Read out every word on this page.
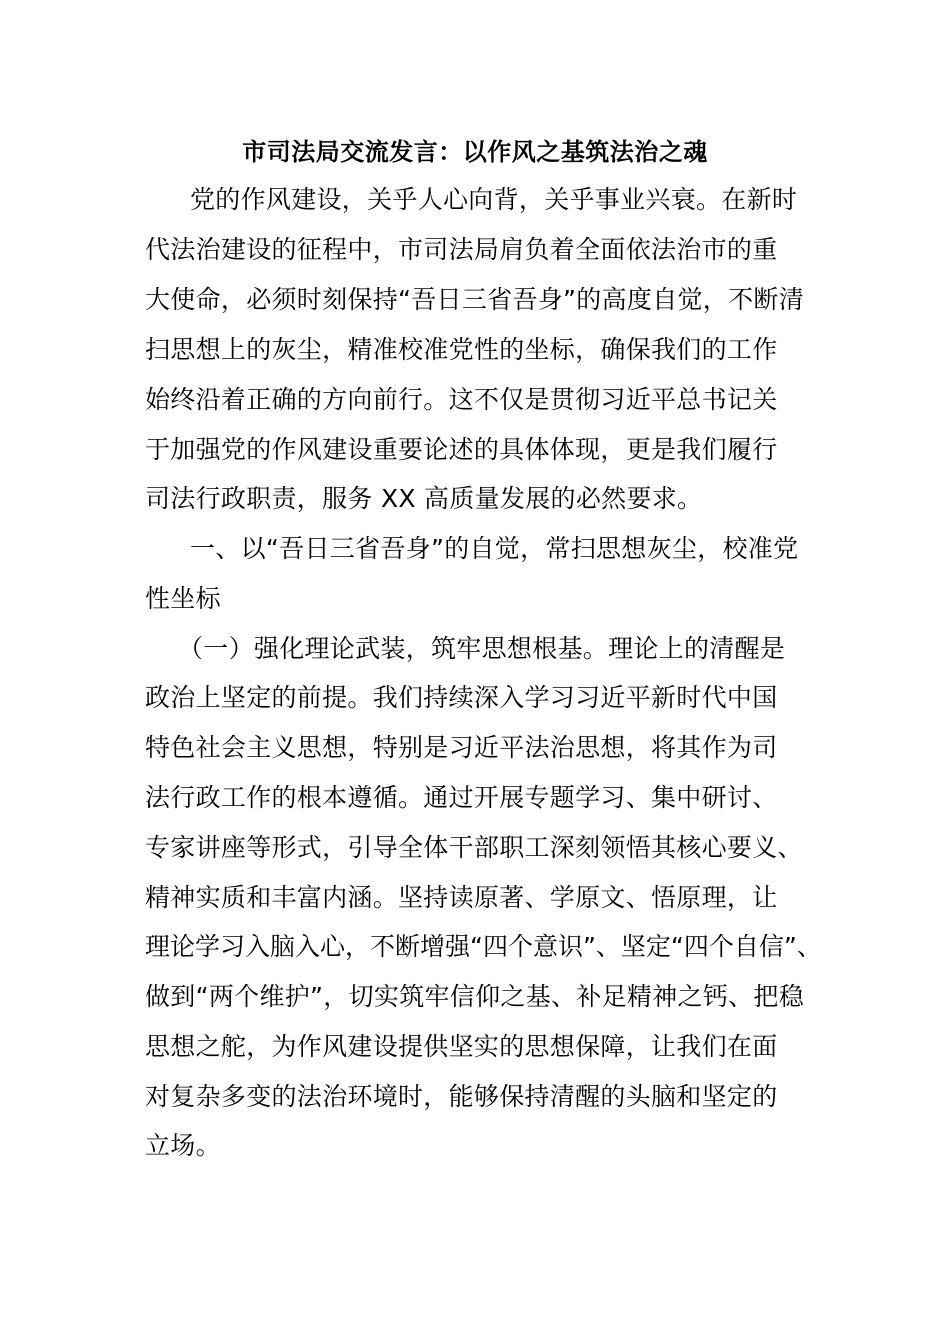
市司法局交流发言：以作风之基筑法治之魂
党的作风建设，关乎人心向背，关乎事业兴衰。在新时
代法治建设的征程中，市司法局肩负着全面依法治市的重
大使命，必须时刻保持“吾日三省吾身”的高度自觉，不断清
扫思想上的灰尘，精准校准党性的坐标，确保我们的工作
始终沿着正确的方向前行。这不仅是贯彻习近平总书记关
于加强党的作风建设重要论述的具体体现，更是我们履行
司法行政职责，服务 XX 高质量发展的必然要求。
一、以“吾日三省吾身”的自觉，常扫思想灰尘，校准党
性坐标
（一）强化理论武装，筑牢思想根基。理论上的清醒是
政治上坚定的前提。我们持续深入学习习近平新时代中国
特色社会主义思想，特别是习近平法治思想，将其作为司
法行政工作的根本遵循。通过开展专题学习、集中研讨、
专家讲座等形式，引导全体干部职工深刻领悟其核心要义、
精神实质和丰富内涵。坚持读原著、学原文、悟原理，让
理论学习入脑入心，不断增强“四个意识”、坚定“四个自信”、
做到“两个维护”，切实筑牢信仰之基、补足精神之钙、把稳
思想之舵，为作风建设提供坚实的思想保障，让我们在面
对复杂多变的法治环境时，能够保持清醒的头脑和坚定的
立场。
